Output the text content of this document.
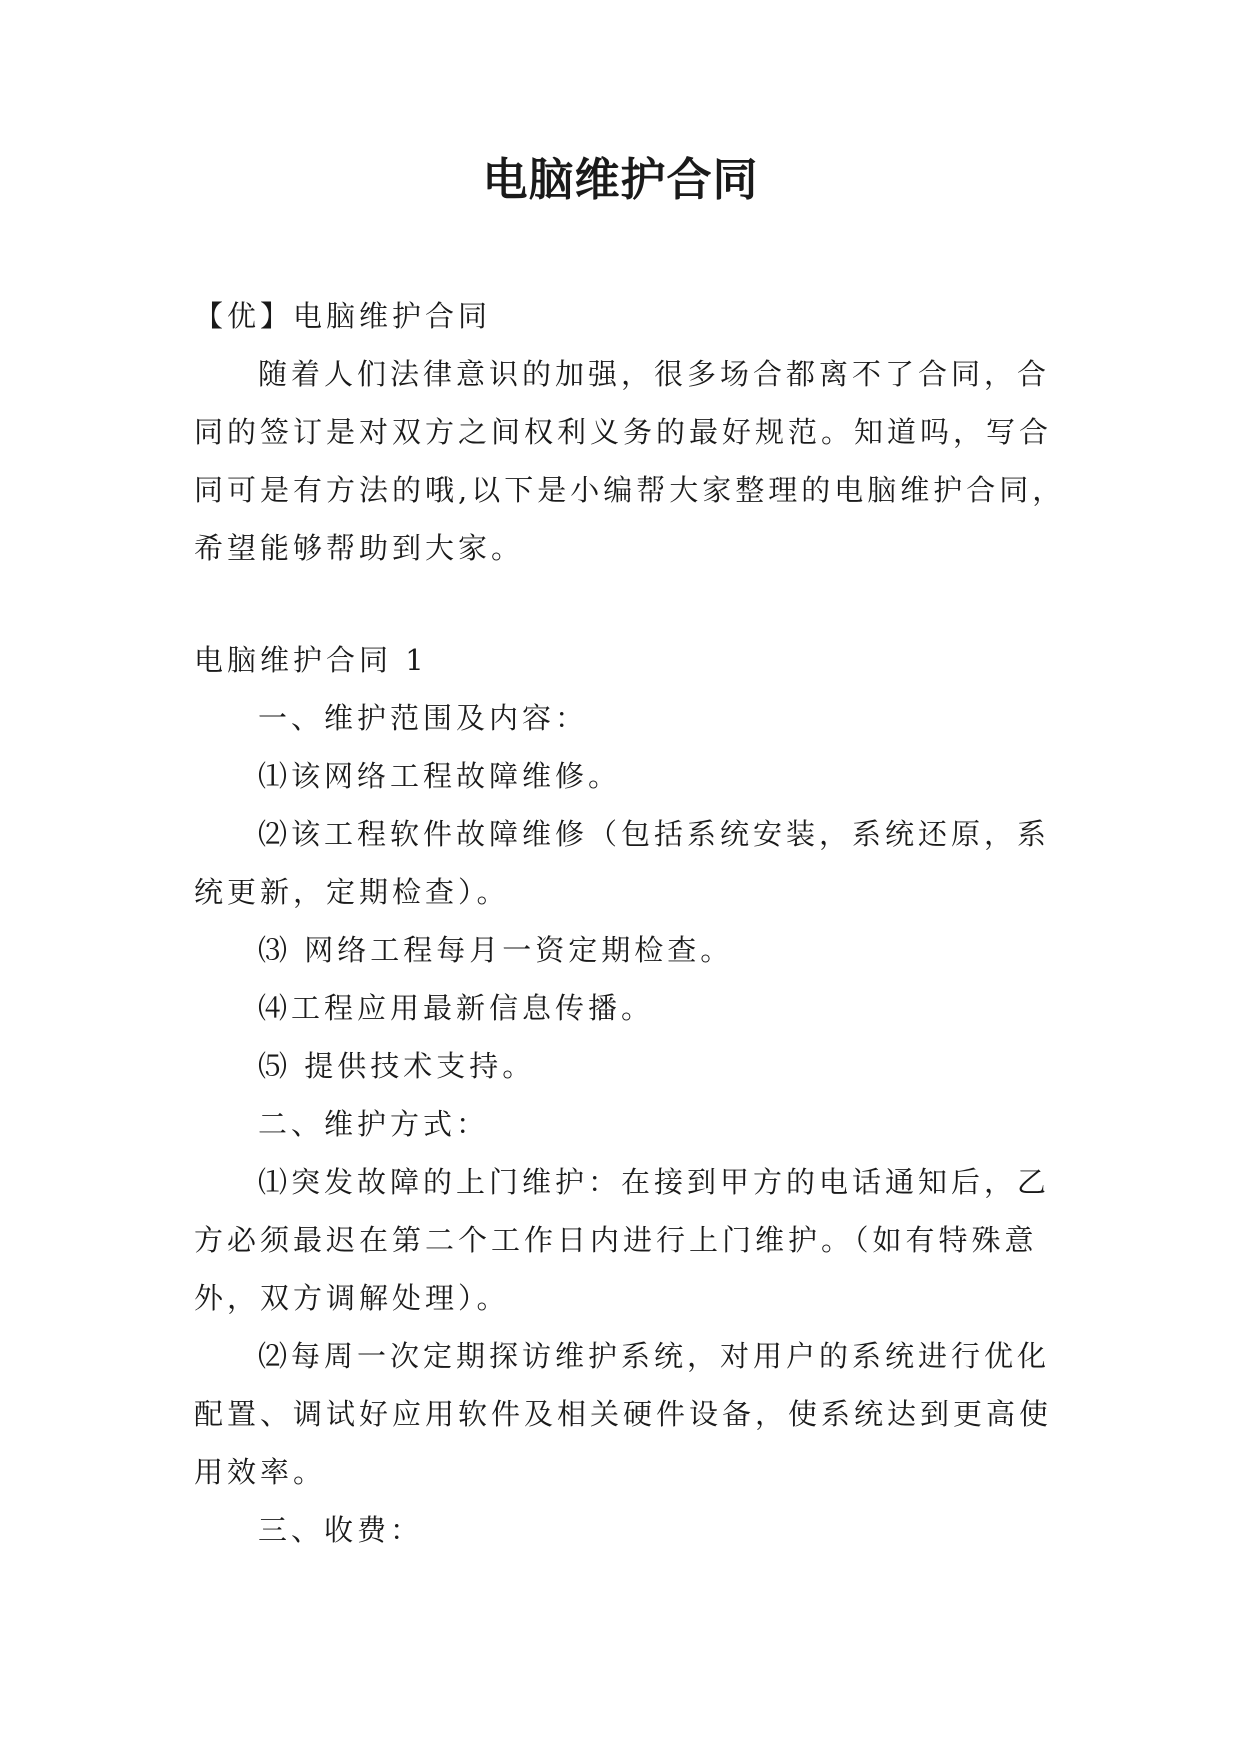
电脑维护合同
【优】电脑维护合同
随着人们法律意识的加强，很多场合都离不了合同，合
同的签订是对双方之间权利义务的最好规范。知道吗，写合
同可是有方法的哦,以下是小编帮大家整理的电脑维护合同，
希望能够帮助到大家。
电脑维护合同 1
一、维护范围及内容：
⑴该网络工程故障维修。
⑵该工程软件故障维修（包括系统安装，系统还原，系
统更新，定期检查）。
⑶ 网络工程每月一资定期检查。
⑷工程应用最新信息传播。
⑸ 提供技术支持。
二、维护方式：
⑴突发故障的上门维护：在接到甲方的电话通知后，乙
方必须最迟在第二个工作日内进行上门维护。（如有特殊意
外，双方调解处理）。
⑵每周一次定期探访维护系统，对用户的系统进行优化
配置、调试好应用软件及相关硬件设备，使系统达到更高使
用效率。
三、收费：
